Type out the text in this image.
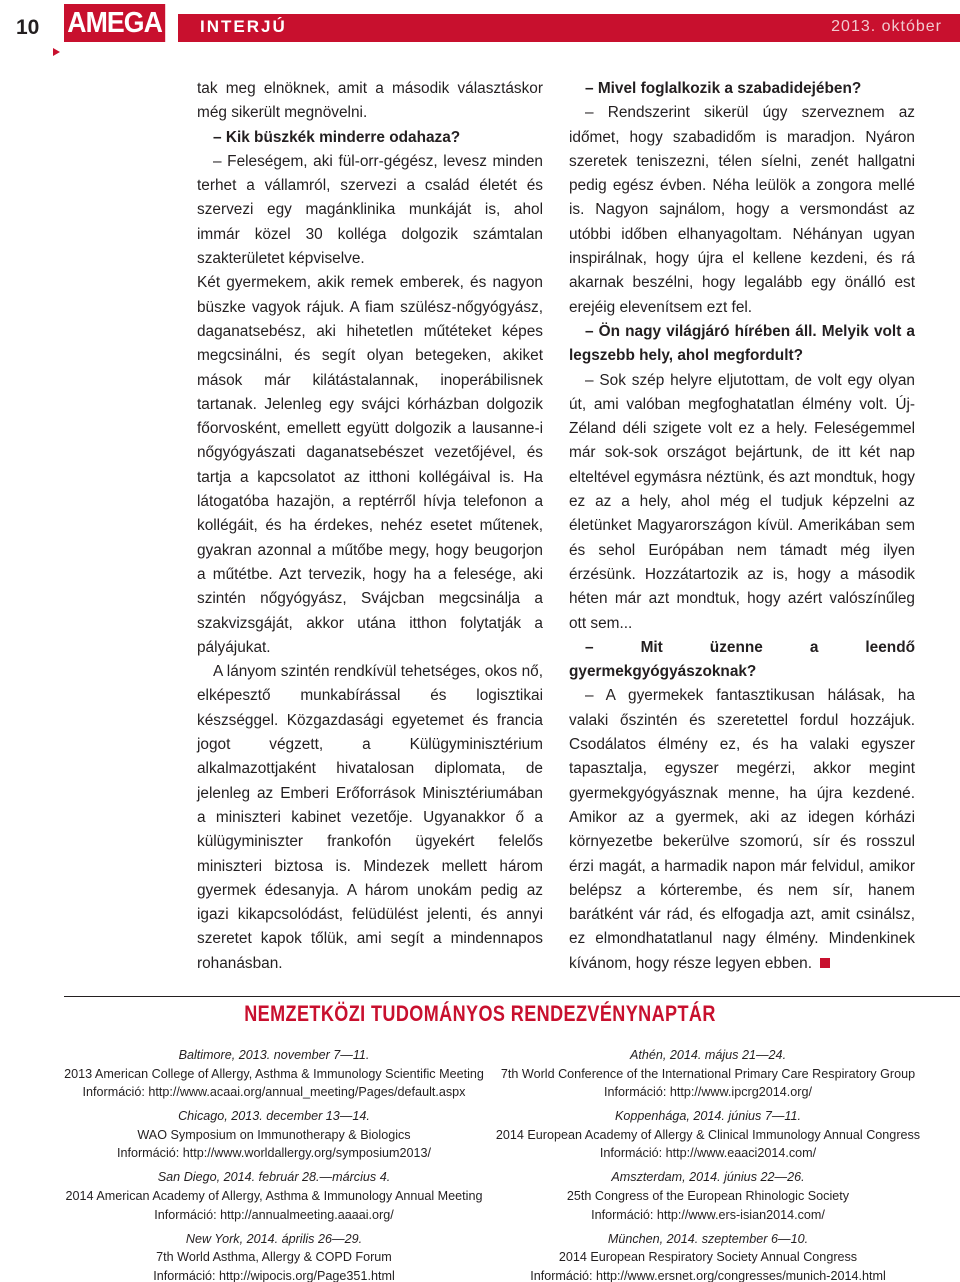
10 AMEGA INTERJÚ	2013. október

tak meg elnöknek, amit a második választáskor még sikerült megnövelni.

– Kik büszkék minderre odahaza?

– Feleségem, aki fül-orr-gégész, levesz minden terhet a vállamról, szervezi a család életét és szervezi egy magánklinika munkáját is, ahol immár közel 30 kolléga dolgozik számtalan szakterületet képviselve.

Két gyermekem, akik remek emberek, és nagyon büszke vagyok rájuk. A fiam szülész-nőgyógyász, daganatsebész, aki hihetetlen műtéteket képes megcsinálni, és segít olyan betegeken, akiket mások már kilátástalannak, inoperábilisnek tartanak. Jelenleg egy svájci kórházban dolgozik főorvosként, emellett együtt dolgozik a lausanne-i nőgyógyászati daganatsebészet vezetőjével, és tartja a kapcsolatot az itthoni kollégáival is. Ha látogatóba hazajön, a reptérről hívja telefonon a kollégáit, és ha érdekes, nehéz esetet műtenek, gyakran azonnal a műtőbe megy, hogy beugorjon a műtétbe. Azt tervezik, hogy ha a felesége, aki szintén nőgyógyász, Svájcban megcsinálja a szakvizsgáját, akkor utána itthon folytatják a pályájukat.

A lányom szintén rendkívül tehetséges, okos nő, elképesztő munkabírással és logisztikai készséggel. Közgazdasági egyetemet és francia jogot végzett, a Külügyminisztérium alkalmazottjaként hivatalosan diplomata, de jelenleg az Emberi Erőforrások Minisztériumában a miniszteri kabinet vezetője. Ugyanakkor ő a külügyminiszter frankofón ügyekért felelős miniszteri biztosa is. Mindezek mellett három gyermek édesanyja. A három unokám pedig az igazi kikapcsolódást, felüdülést jelenti, és annyi szeretet kapok tőlük, ami segít a mindennapos rohanásban.

– Mivel foglalkozik a szabadidejében?

– Rendszerint sikerül úgy szerveznem az időmet, hogy szabadidőm is maradjon. Nyáron szeretek teniszezni, télen síelni, zenét hallgatni pedig egész évben. Néha leülök a zongora mellé is. Nagyon sajnálom, hogy a versmondást az utóbbi időben elhanyagoltam. Néhányan ugyan inspirálnak, hogy újra el kellene kezdeni, és rá akarnak beszélni, hogy legalább egy önálló est erejéig elevenítsem ezt fel.

– Ön nagy világjáró hírében áll. Melyik volt a legszebb hely, ahol megfordult?

– Sok szép helyre eljutottam, de volt egy olyan út, ami valóban megfoghatatlan élmény volt. Új-Zéland déli szigete volt ez a hely. Feleségemmel már sok-sok országot bejártunk, de itt két nap elteltével egymásra néztünk, és azt mondtuk, hogy ez az a hely, ahol még el tudjuk képzelni az életünket Magyarországon kívül. Amerikában sem és sehol Európában nem támadt még ilyen érzésünk. Hozzátartozik az is, hogy a második héten már azt mondtuk, hogy azért valószínűleg ott sem...

– Mit üzenne a leendő gyermekgyógyászoknak?

– A gyermekek fantasztikusan hálásak, ha valaki őszintén és szeretettel fordul hozzájuk. Csodálatos élmény ez, és ha valaki egyszer tapasztalja, egyszer megérzi, akkor megint gyermekgyógyásznak menne, ha újra kezdené. Amikor az a gyermek, aki az idegen kórházi környezetbe bekerülve szomorú, sír és rosszul érzi magát, a harmadik napon már felvidul, amikor belépsz a kórterembe, és nem sír, hanem barátként vár rád, és elfogadja azt, amit csinálsz, ez elmondhatatlanul nagy élmény. Mindenkinek kívánom, hogy része legyen ebben.

NEMZETKÖZI TUDOMÁNYOS RENDEZVÉNYNAPTÁR
Baltimore, 2013. november 7—11.
2013 American College of Allergy, Asthma & Immunology Scientific Meeting
Információ: http://www.acaai.org/annual_meeting/Pages/default.aspx
Chicago, 2013. december 13—14.
WAO Symposium on Immunotherapy & Biologics
Információ: http://www.worldallergy.org/symposium2013/
San Diego, 2014. február 28.—március 4.
2014 American Academy of Allergy, Asthma & Immunology Annual Meeting
Információ: http://annualmeeting.aaaai.org/
New York, 2014. április 26—29.
7th World Asthma, Allergy & COPD Forum
Információ: http://wipocis.org/Page351.html
Athén, 2014. május 21—24.
7th World Conference of the International Primary Care Respiratory Group
Információ: http://www.ipcrg2014.org/
Koppenhága, 2014. június 7—11.
2014 European Academy of Allergy & Clinical Immunology Annual Congress
Információ: http://www.eaaci2014.com/
Amszterdam, 2014. június 22—26.
25th Congress of the European Rhinologic Society
Információ: http://www.ers-isian2014.com/
München, 2014. szeptember 6—10.
2014 European Respiratory Society Annual Congress
Információ: http://www.ersnet.org/congresses/munich-2014.html
